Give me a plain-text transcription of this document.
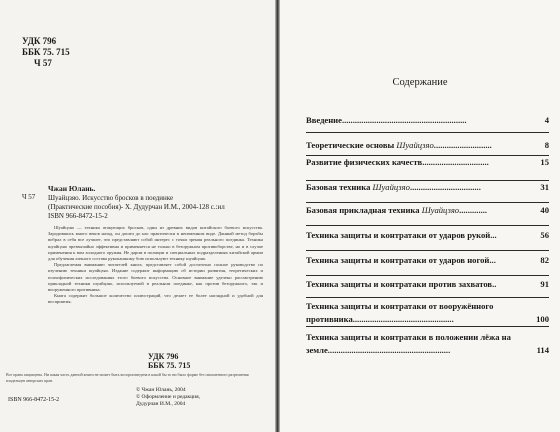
УДК 796
ББК 75. 715
Ч 57
Ч 57
Чжан Юлань.
Шуайцзяо. Искусство бросков в поединке
(Практические пособия)- Х. Дудурчан И.М., 2004-128 с.:ил
ISBN 966-8472-15-2

Шуайцзяо — техника атакующих бросков, один из древних видов китайского боевого искусства. Зародившись много веков назад, он дошел до нас практически в неизменном виде. Данный метод борьбы вобрал в себя все лучшее, что представляют собой интерес с точки зрения реального поединка. Техника шуайцзяо чрезвычайно эффективна и применяется не только в безоружном противоборстве, но и в случае применения к вам холодного оружия. Не даром в полиции и специальных подразделениях китайской армии для обучения личного состава рукопашному бою используют технику шуайцзяо.

Предлагаемая вниманию читателей книга, представляет собой достаточно полное руководство по изучению техники шуайцзяо. Издание содержит информацию об истории развития, теоретических и психофизических исследованиях этого боевого искусства. Основное внимание уделено рассмотрению прикладной техники шуайцзяо, используемой в реальном поединке, как против безоружного, так и вооруженного противника.

Книга содержит большое количество иллюстраций, что делает ее более наглядной и удобной для восприятия.

УДК 796
ББК 75. 715
Все права защищены. Ни какая часть данной книги не может быть воспроизведена в какой бы то ни было форме без письменного разрешения владельцев авторских прав.
© Чжан Юлань, 2004
© Оформление и редакция,
Дудурчан И.М., 2004
ISBN 966-8472-15-2
Содержание
Введение..........................................................	4
Теоретические основы Шуайцзяо...........................	8
Развитие физических качеств...............................	15
Базовая техника Шуайцзяо.................................	31
Базовая прикладная техника Шуайцзяо.............	40
Техника защиты и контратаки от ударов рукой...	56
Техника защиты и контратаки от ударов ногой...	82
Техника защиты и контратаки против захватов..	91
Техника защиты и контратаки от вооружённого
противника...............................................	100
Техника защиты и контратаки в положении лёжа на
земле.........................................................	114
